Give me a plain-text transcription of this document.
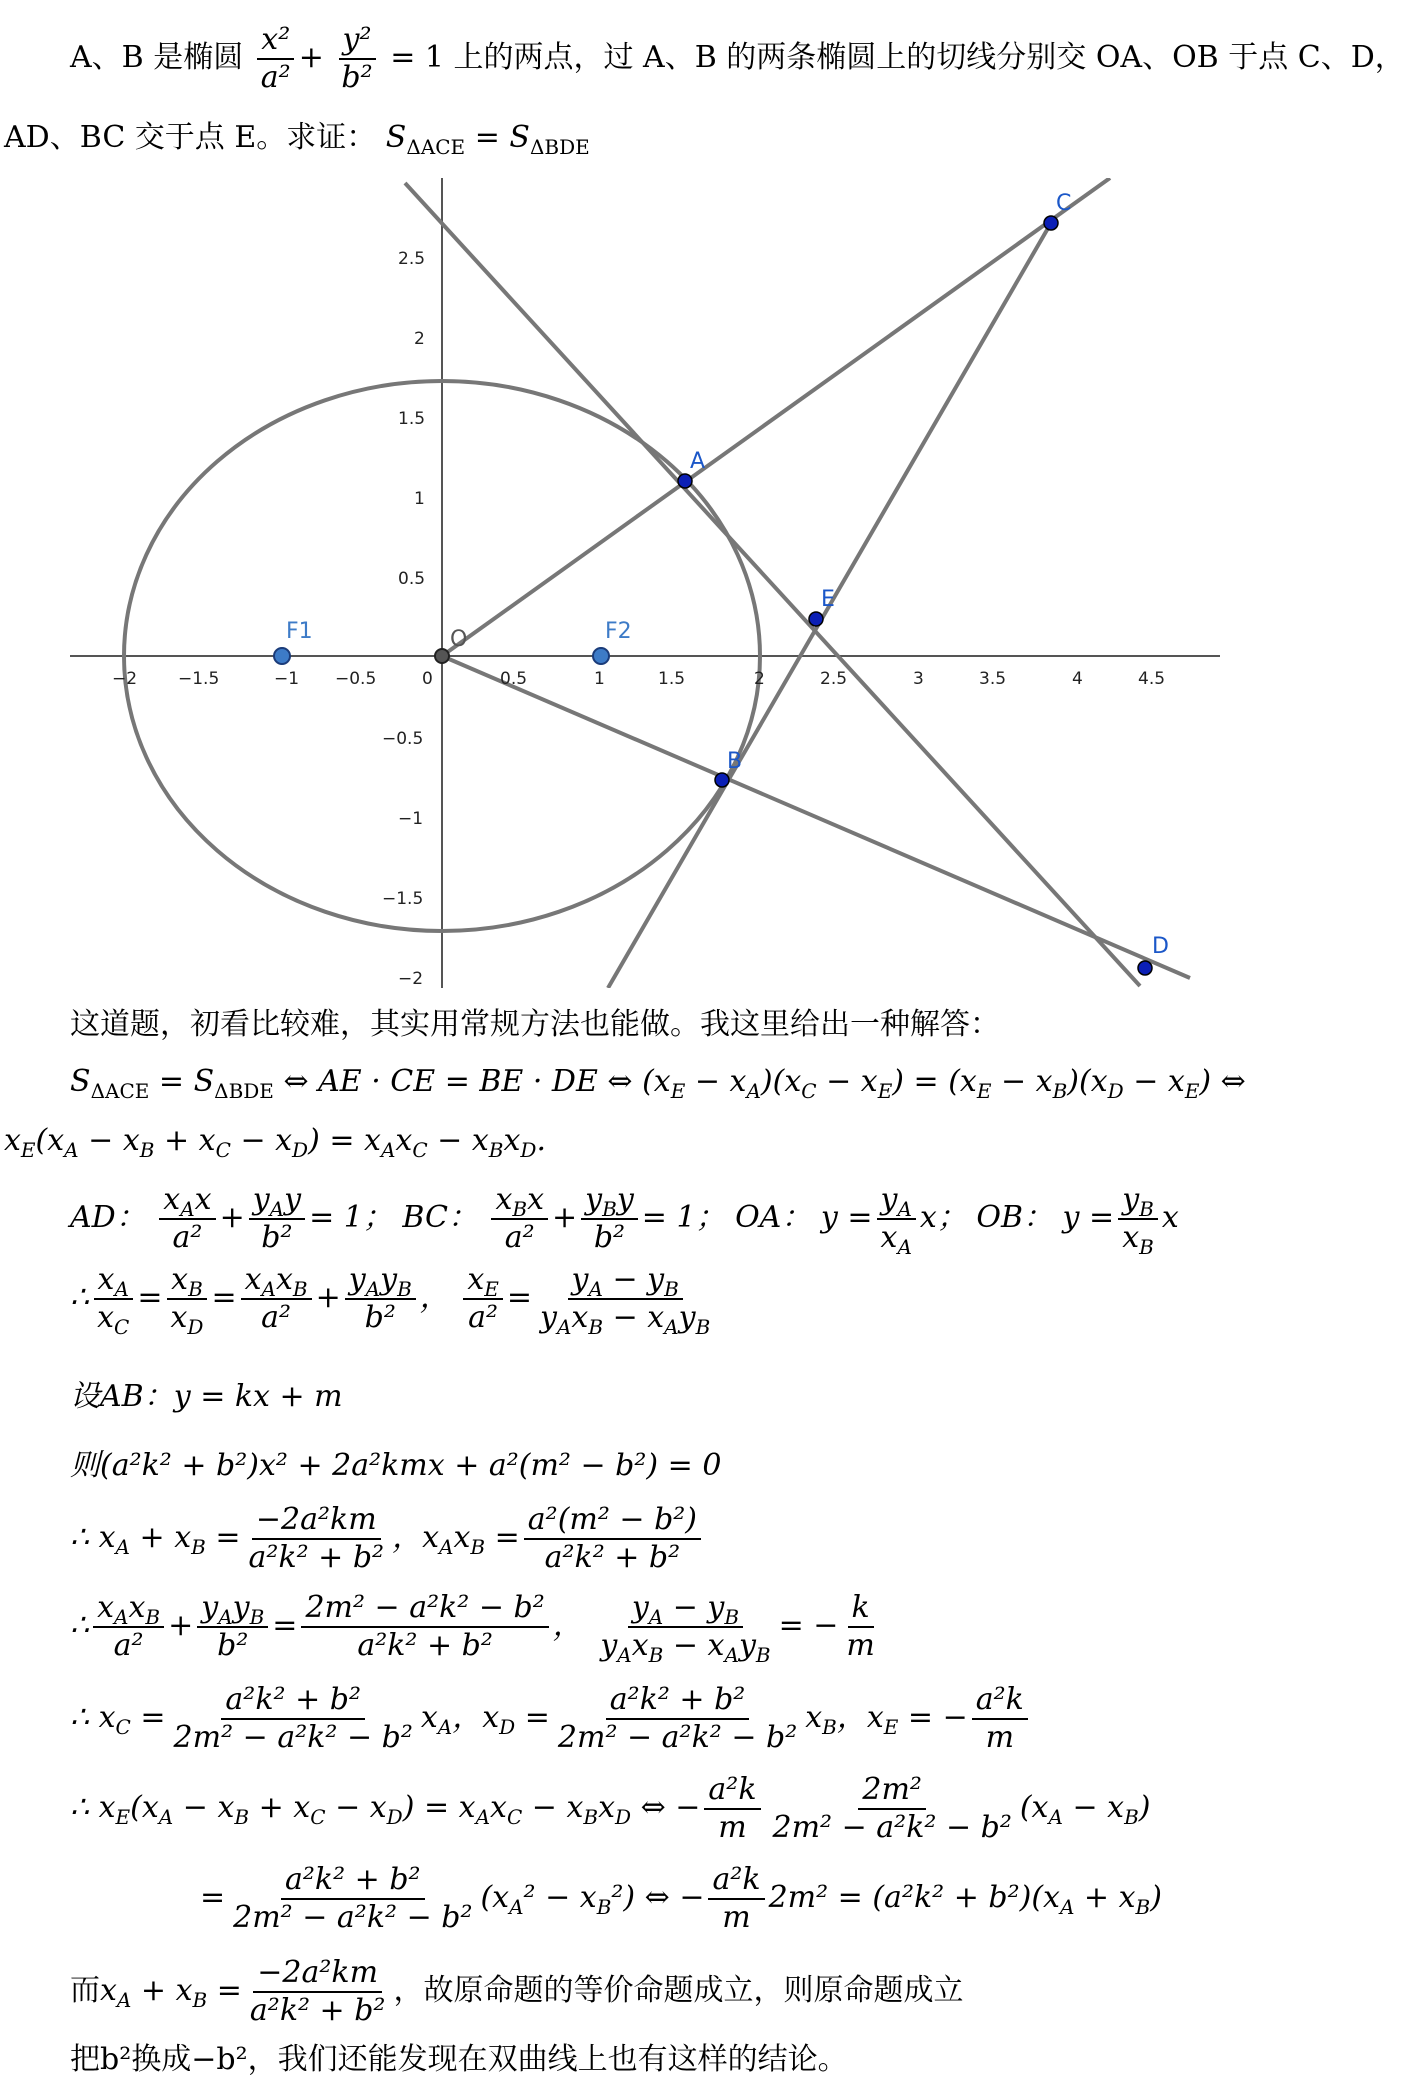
A、B 是椭圆 $\frac{\text{x²}}{\text{a²}} + \frac{\text{y²}}{\text{b²}} = 1$ 上的两点，过 A、B 的两条椭圆上的切线分别交 OA、OB 于点 C、D，
AD、BC 交于点 E。求证： $S_{\Delta ACE} = S_{\Delta BDE}$
−2 −1.5	−1 −0.5	0	0.5	1	1.5	2	2.5	3	3.5	4	4.5
2.5
2
1.5
1
0.5
−0.5
−1
−1.5
−2
O
F1	F2
A
B
C
D
E
这道题，初看比较难，其实用常规方法也能做。我这里给出一种解答：
$S_{\Delta ACE} = S_{\Delta BDE}$ ⇔ AE · CE = BE · DE ⇔ $(x_E - x_A)(x_C - x_E) = (x_E - x_B)(x_D - x_E)$ ⇔
$x_E(x_A - x_B + x_C - x_D) = x_Ax_C - x_Bx_D$.
AD： $\frac{x_Ax}{\text{a²}} + \frac{y_Ay}{\text{b²}} = 1$； BC： $\frac{x_Bx}{\text{a²}} + \frac{y_By}{\text{b²}} = 1$； OA： $y = \frac{y_A}{x_A}$ x； OB： $y = \frac{y_B}{x_B}$ x
∴ $\frac{x_A}{x_C} = \frac{x_B}{x_D} = \frac{x_Ax_B}{\text{a²}} + \frac{y_Ay_B}{\text{b²}}$ ， $\frac{x_E}{\text{a²}} = \frac{y_A - y_B}{y_Ax_B - x_Ay_B}$
设AB：y = kx + m
则(a²k² + b²)x² + 2a²kmx + a²(m² − b²) = 0
∴ $x_A + x_B = \frac{\text{−2a²km}}{\text{a²k² + b²}}$ ，$x_Ax_B = \frac{\text{a²(m² − b²)}}{\text{a²k² + b²}}$
∴ $\frac{x_Ax_B}{\text{a²}} + \frac{y_Ay_B}{\text{b²}} = \frac{\text{2m² − a²k² − b²}}{\text{a²k² + b²}}$ ， $\frac{y_A - y_B}{y_Ax_B - x_Ay_B}$ = − $\frac{k}{m}$
∴ $x_C = \frac{\text{a²k² + b²}}{\text{2m² − a²k² − b²}} x_A$，$x_D = \frac{\text{a²k² + b²}}{\text{2m² − a²k² − b²}} x_B$，$x_E$ = − $\frac{\text{a²k}}{m}$
∴ $x_E(x_A - x_B + x_C - x_D) = x_Ax_C - x_Bx_D$ ⇔ − $\frac{\text{a²k}}{m} \frac{\text{2m²}}{\text{2m² − a²k² − b²}} (x_A - x_B)$
= $\frac{\text{a²k² + b²}}{\text{2m² − a²k² − b²}} (x_A^2 - x_B^2)$ ⇔ − $\frac{\text{a²k}}{m} 2m^2 = (a^2k^2 + b^2)(x_A + x_B)$
而$x_A + x_B = \frac{\text{−2a²km}}{\text{a²k² + b²}}$ ，故原命题的等价命题成立，则原命题成立
把b²换成−b²，我们还能发现在双曲线上也有这样的结论。
